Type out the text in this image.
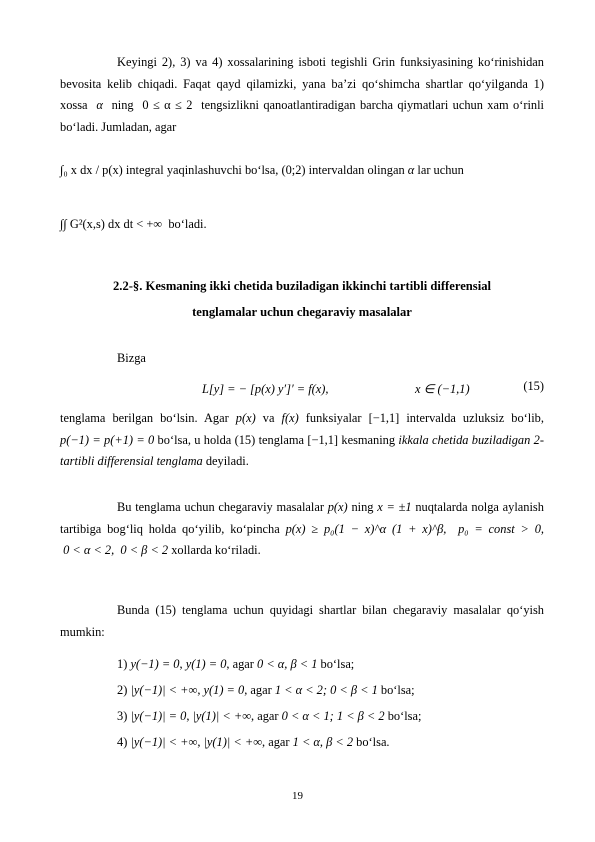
Keyingi 2), 3) va 4) xossalarining isboti tegishli Grin funksiyasining ko‘rinishidan bevosita kelib chiqadi. Faqat qayd qilamizki, yana ba’zi qo‘shimcha shartlar qo‘yilganda 1) xossa α ning 0 ≤ α ≤ 2 tengsizlikni qanoatlantiradigan barcha qiymatlari uchun xam o‘rinli bo‘ladi. Jumladan, agar
∫₀ x dx / p(x) integral yaqinlashuvchi bo‘lsa, (0;2) intervaldan olingan α lar uchun
∫∫ G²(x,s) dx dt < +∞ bo‘ladi.
2.2-§. Kesmaning ikki chetida buziladigan ikkinchi tartibli differensial
tenglamalar uchun chegaraviy masalalar
Bizga
L[y] = − [p(x) y′]′ = f(x),	x ∈ (−1,1)	(15)
tenglama berilgan bo‘lsin. Agar p(x) va f(x) funksiyalar [−1,1] intervalda uzluksiz bo‘lib, p(−1) = p(+1) = 0 bo‘lsa, u holda (15) tenglama [−1,1] kesmaning ikkala chetida buziladigan 2-tartibli differensial tenglama deyiladi.
Bu tenglama uchun chegaraviy masalalar p(x) ning x = ±1 nuqtalarda nolga aylanish tartibiga bog‘liq holda qo‘yilib, ko‘pincha p(x) ≥ p₀(1 − x)^α (1 + x)^β, p₀ = const > 0,  0 < α < 2, 0 < β < 2 xollarda ko‘riladi.
Bunda (15) tenglama uchun quyidagi shartlar bilan chegaraviy masalalar qo‘yish mumkin:
1) y(−1) = 0, y(1) = 0, agar 0 < α, β < 1 bo‘lsa;
2) |y(−1)| < +∞, y(1) = 0, agar 1 < α < 2; 0 < β < 1 bo‘lsa;
3) |y(−1)| = 0, |y(1)| < +∞, agar 0 < α < 1; 1 < β < 2 bo‘lsa;
4) |y(−1)| < +∞, |y(1)| < +∞, agar 1 < α, β < 2 bo‘lsa.
19
